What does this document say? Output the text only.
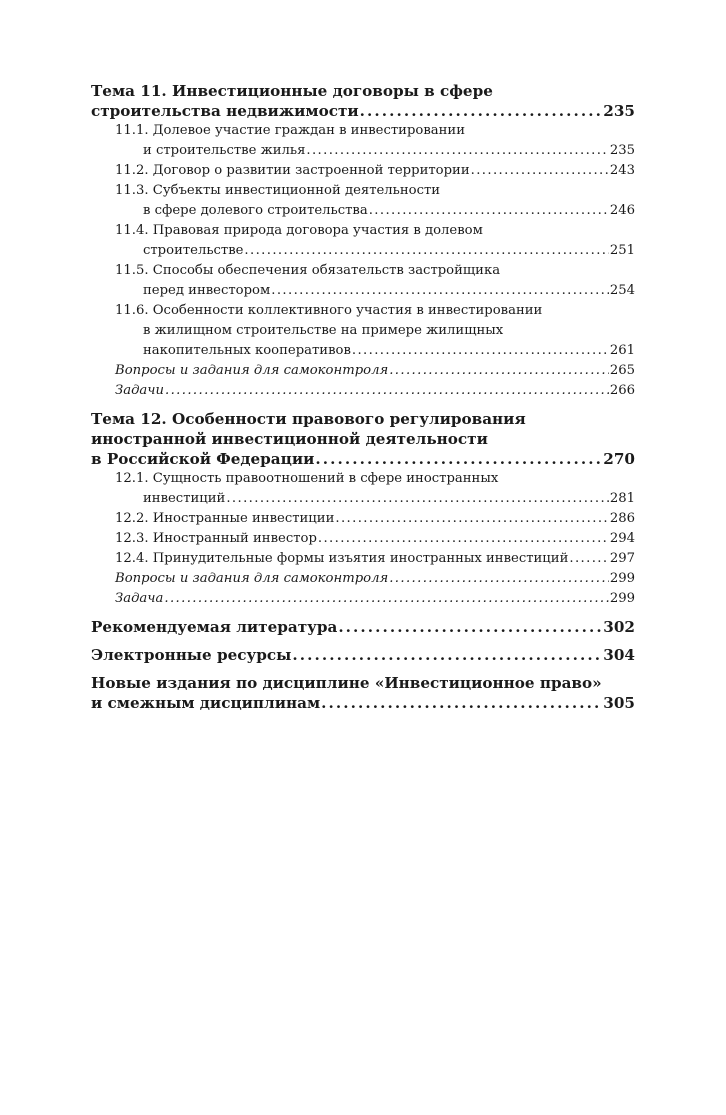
Тема 11. Инвестиционные договоры в сфере
строительства недвижимости . . .	235
11.1. Долевое участие граждан в инвестировании
и строительстве жилья . . .	235
11.2. Договор о развитии застроенной территории . . .	243
11.3. Субъекты инвестиционной деятельности
в сфере долевого строительства . . .	246
11.4. Правовая природа договора участия в долевом
строительстве . . .	251
11.5. Способы обеспечения обязательств застройщика
перед инвестором . . .	254
11.6. Особенности коллективного участия в инвестировании
в жилищном строительстве на примере жилищных
накопительных кооперативов . . .	261
Вопросы и задания для самоконтроля . . .	265
Задачи . . .	266
Тема 12. Особенности правового регулирования
иностранной инвестиционной деятельности
в Российской Федерации . . .	270
12.1. Сущность правоотношений в сфере иностранных
инвестиций . . .	281
12.2. Иностранные инвестиции . . .	286
12.3. Иностранный инвестор . . .	294
12.4. Принудительные формы изъятия иностранных инвестиций . . .	297
Вопросы и задания для самоконтроля . . .	299
Задача . . .	299
Рекомендуемая литература . . .	302
Электронные ресурсы . . .	304
Новые издания по дисциплине «Инвестиционное право»
и смежным дисциплинам . . .	305
